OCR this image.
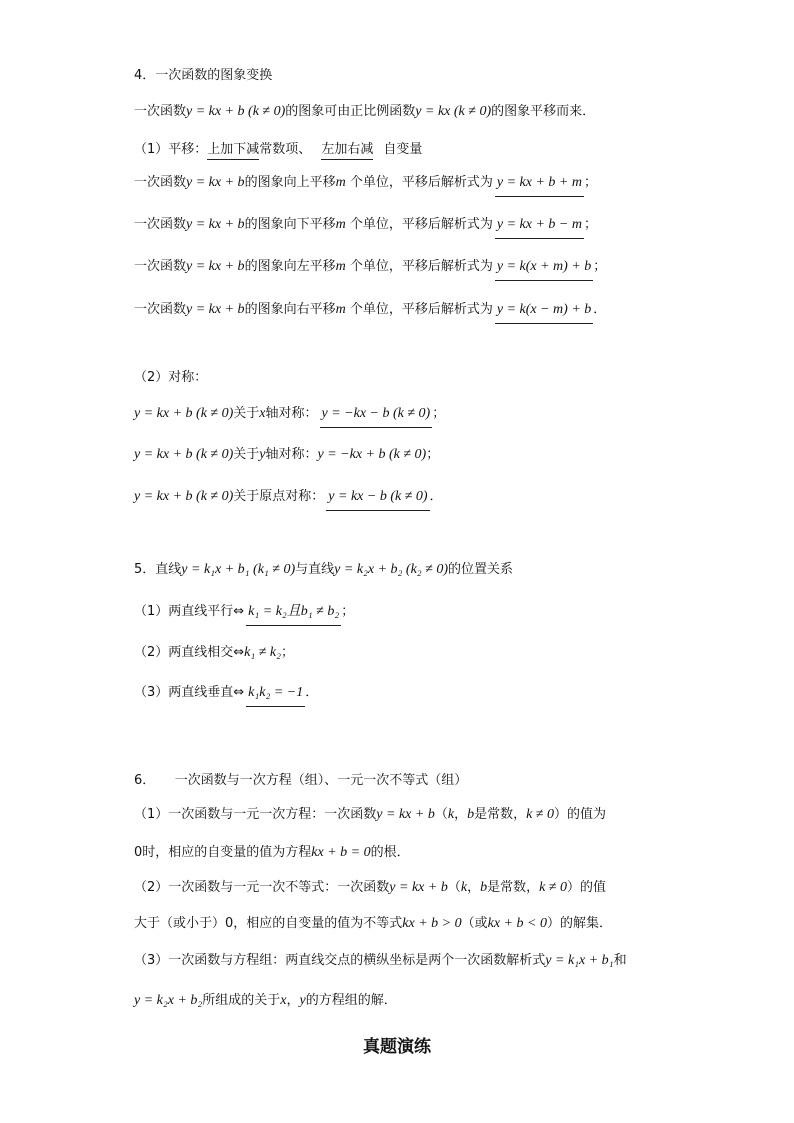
4．一次函数的图象变换
一次函数y = kx + b (k ≠ 0)的图象可由正比例函数y = kx (k ≠ 0)的图象平移而来．
（1）平移：上加下减常数项、 左加右减 自变量
一次函数y = kx + b的图象向上平移m 个单位，平移后解析式为 y = kx + b + m ；
一次函数y = kx + b的图象向下平移m 个单位，平移后解析式为 y = kx + b − m ；
一次函数y = kx + b的图象向左平移m 个单位，平移后解析式为 y = k(x + m) + b ；
一次函数y = kx + b的图象向右平移m 个单位，平移后解析式为 y = k(x − m) + b ．
（2）对称：
y = kx + b (k ≠ 0)关于x轴对称： y = −kx − b (k ≠ 0) ；
y = kx + b (k ≠ 0)关于y轴对称：y = −kx + b (k ≠ 0)；
y = kx + b (k ≠ 0)关于原点对称： y = kx − b (k ≠ 0) ．
5．直线y = k₁x + b₁ (k₁ ≠ 0)与直线y = k₂x + b₂ (k₂ ≠ 0)的位置关系
（1）两直线平行⇔ k₁ = k₂且b₁ ≠ b₂ ；
（2）两直线相交⇔k₁ ≠ k₂；
（3）两直线垂直⇔ k₁k₂ = −1 ．
6．　　一次函数与一次方程（组）、一元一次不等式（组）
（1）一次函数与一元一次方程：一次函数y = kx + b（k，b是常数，k ≠ 0）的值为
0时，相应的自变量的值为方程kx + b = 0的根．
（2）一次函数与一元一次不等式：一次函数y = kx + b（k，b是常数，k ≠ 0）的值
大于（或小于）0，相应的自变量的值为不等式kx + b > 0（或kx + b < 0）的解集．
（3）一次函数与方程组：两直线交点的横纵坐标是两个一次函数解析式y = k₁x + b₁和
y = k₂x + b₂所组成的关于x，y的方程组的解．
真题演练
